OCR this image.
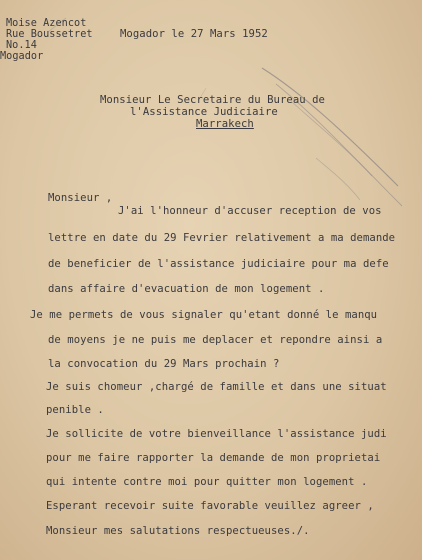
Moise Azencot
Rue Boussetret
No.14
Mogador
Mogador le 27 Mars 1952
Monsieur Le Secretaire du Bureau de
l'Assistance Judiciaire
Marrakech
Monsieur ,
J'ai l'honneur d'accuser reception de vos
lettre en date du 29 Fevrier relativement a ma demande
de beneficier de l'assistance judiciaire pour ma defe
dans affaire d'evacuation de mon logement .
Je me permets de vous signaler qu'etant donné le manqu
de moyens je ne puis me deplacer et repondre ainsi a
la convocation du 29 Mars prochain ?
Je suis chomeur ,chargé de famille et dans une situat
penible .
Je sollicite de votre bienveillance l'assistance judi
pour me faire rapporter la demande de mon proprietai
qui intente contre moi pour quitter mon logement .
Esperant recevoir suite favorable veuillez agreer ,
Monsieur mes salutations respectueuses./.
